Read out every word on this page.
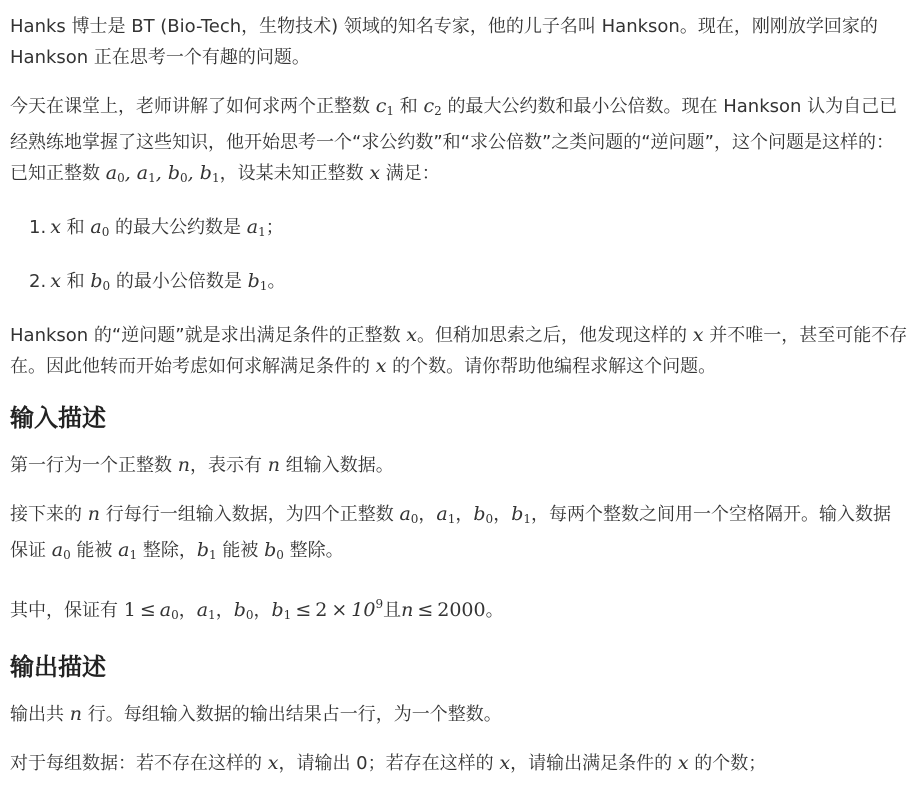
Hanks 博士是 BT (Bio-Tech，生物技术) 领域的知名专家，他的儿子名叫 Hankson。现在，刚刚放学回家的 Hankson 正在思考一个有趣的问题。

今天在课堂上，老师讲解了如何求两个正整数 $c_1$ 和 $c_2$ 的最大公约数和最小公倍数。现在 Hankson 认为自己已经熟练地掌握了这些知识，他开始思考一个“求公约数”和“求公倍数”之类问题的“逆问题”，这个问题是这样的：已知正整数 $a_0$, $a_1$, $b_0$, $b_1$，设某未知正整数 x 满足：

1. x 和 $a_0$ 的最大公约数是 $a_1$；
2. x 和 $b_0$ 的最小公倍数是 $b_1$。

Hankson 的“逆问题”就是求出满足条件的正整数 x。但稍加思索之后，他发现这样的 x 并不唯一，甚至可能不存在。因此他转而开始考虑如何求解满足条件的 x 的个数。请你帮助他编程求解这个问题。

输入描述

第一行为一个正整数 n，表示有 n 组输入数据。

接下来的 n 行每行一组输入数据，为四个正整数 $a_0$，$a_1$，$b_0$，$b_1$，每两个整数之间用一个空格隔开。输入数据保证 $a_0$ 能被 $a_1$ 整除，$b_1$ 能被 $b_0$ 整除。

其中，保证有 $1 \le a_0$，$a_1$，$b_0$，$b_1 \le 2 \times 10^9$且n ≤ 2000。

输出描述

输出共 n 行。每组输入数据的输出结果占一行，为一个整数。

对于每组数据：若不存在这样的 x，请输出 0；若存在这样的 x，请输出满足条件的 x 的个数；
